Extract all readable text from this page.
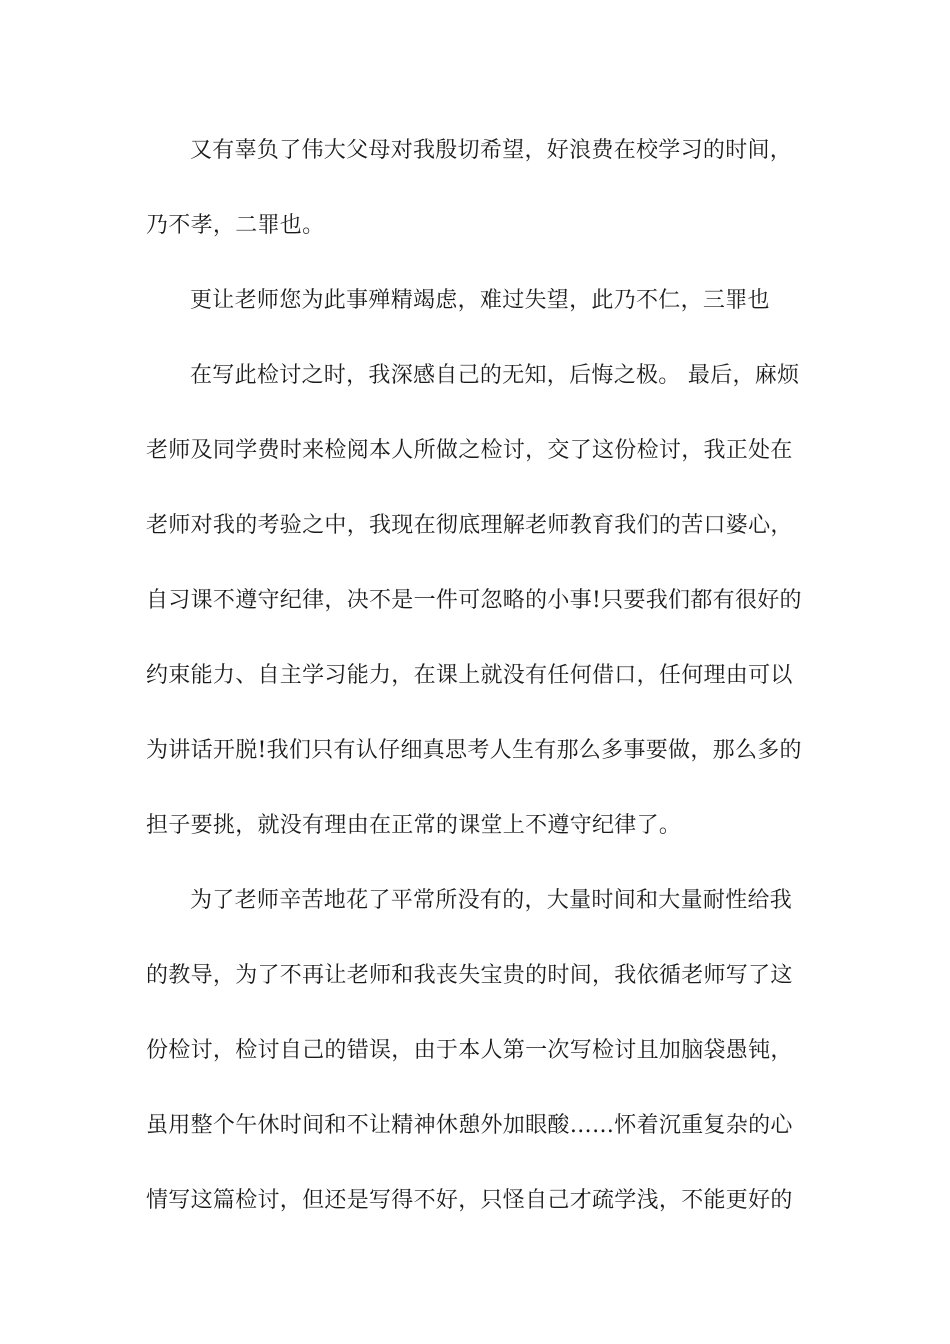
又有辜负了伟大父母对我殷切希望，好浪费在校学习的时间，
乃不孝，二罪也。
更让老师您为此事殚精竭虑，难过失望，此乃不仁，三罪也
在写此检讨之时，我深感自己的无知，后悔之极。 最后，麻烦
老师及同学费时来检阅本人所做之检讨，交了这份检讨，我正处在
老师对我的考验之中，我现在彻底理解老师教育我们的苦口婆心，
自习课不遵守纪律，决不是一件可忽略的小事!只要我们都有很好的
约束能力、自主学习能力，在课上就没有任何借口，任何理由可以
为讲话开脱!我们只有认仔细真思考人生有那么多事要做，那么多的
担子要挑，就没有理由在正常的课堂上不遵守纪律了。
为了老师辛苦地花了平常所没有的，大量时间和大量耐性给我
的教导，为了不再让老师和我丧失宝贵的时间，我依循老师写了这
份检讨，检讨自己的错误，由于本人第一次写检讨且加脑袋愚钝，
虽用整个午休时间和不让精神休憩外加眼酸……怀着沉重复杂的心
情写这篇检讨，但还是写得不好，只怪自己才疏学浅，不能更好的
